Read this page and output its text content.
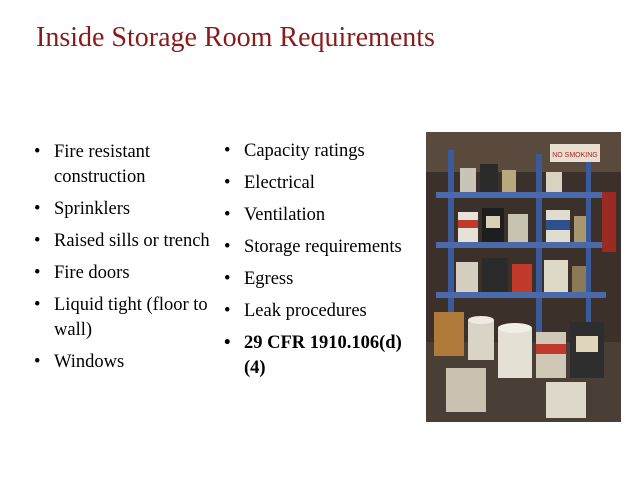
Inside Storage Room Requirements
• Fire resistant construction
• Sprinklers
• Raised sills or trench
• Fire doors
• Liquid tight (floor to wall)
• Windows
• Capacity ratings
• Electrical
• Ventilation
• Storage requirements
• Egress
• Leak procedures
• 29 CFR 1910.106(d)(4)
NO SMOKING
